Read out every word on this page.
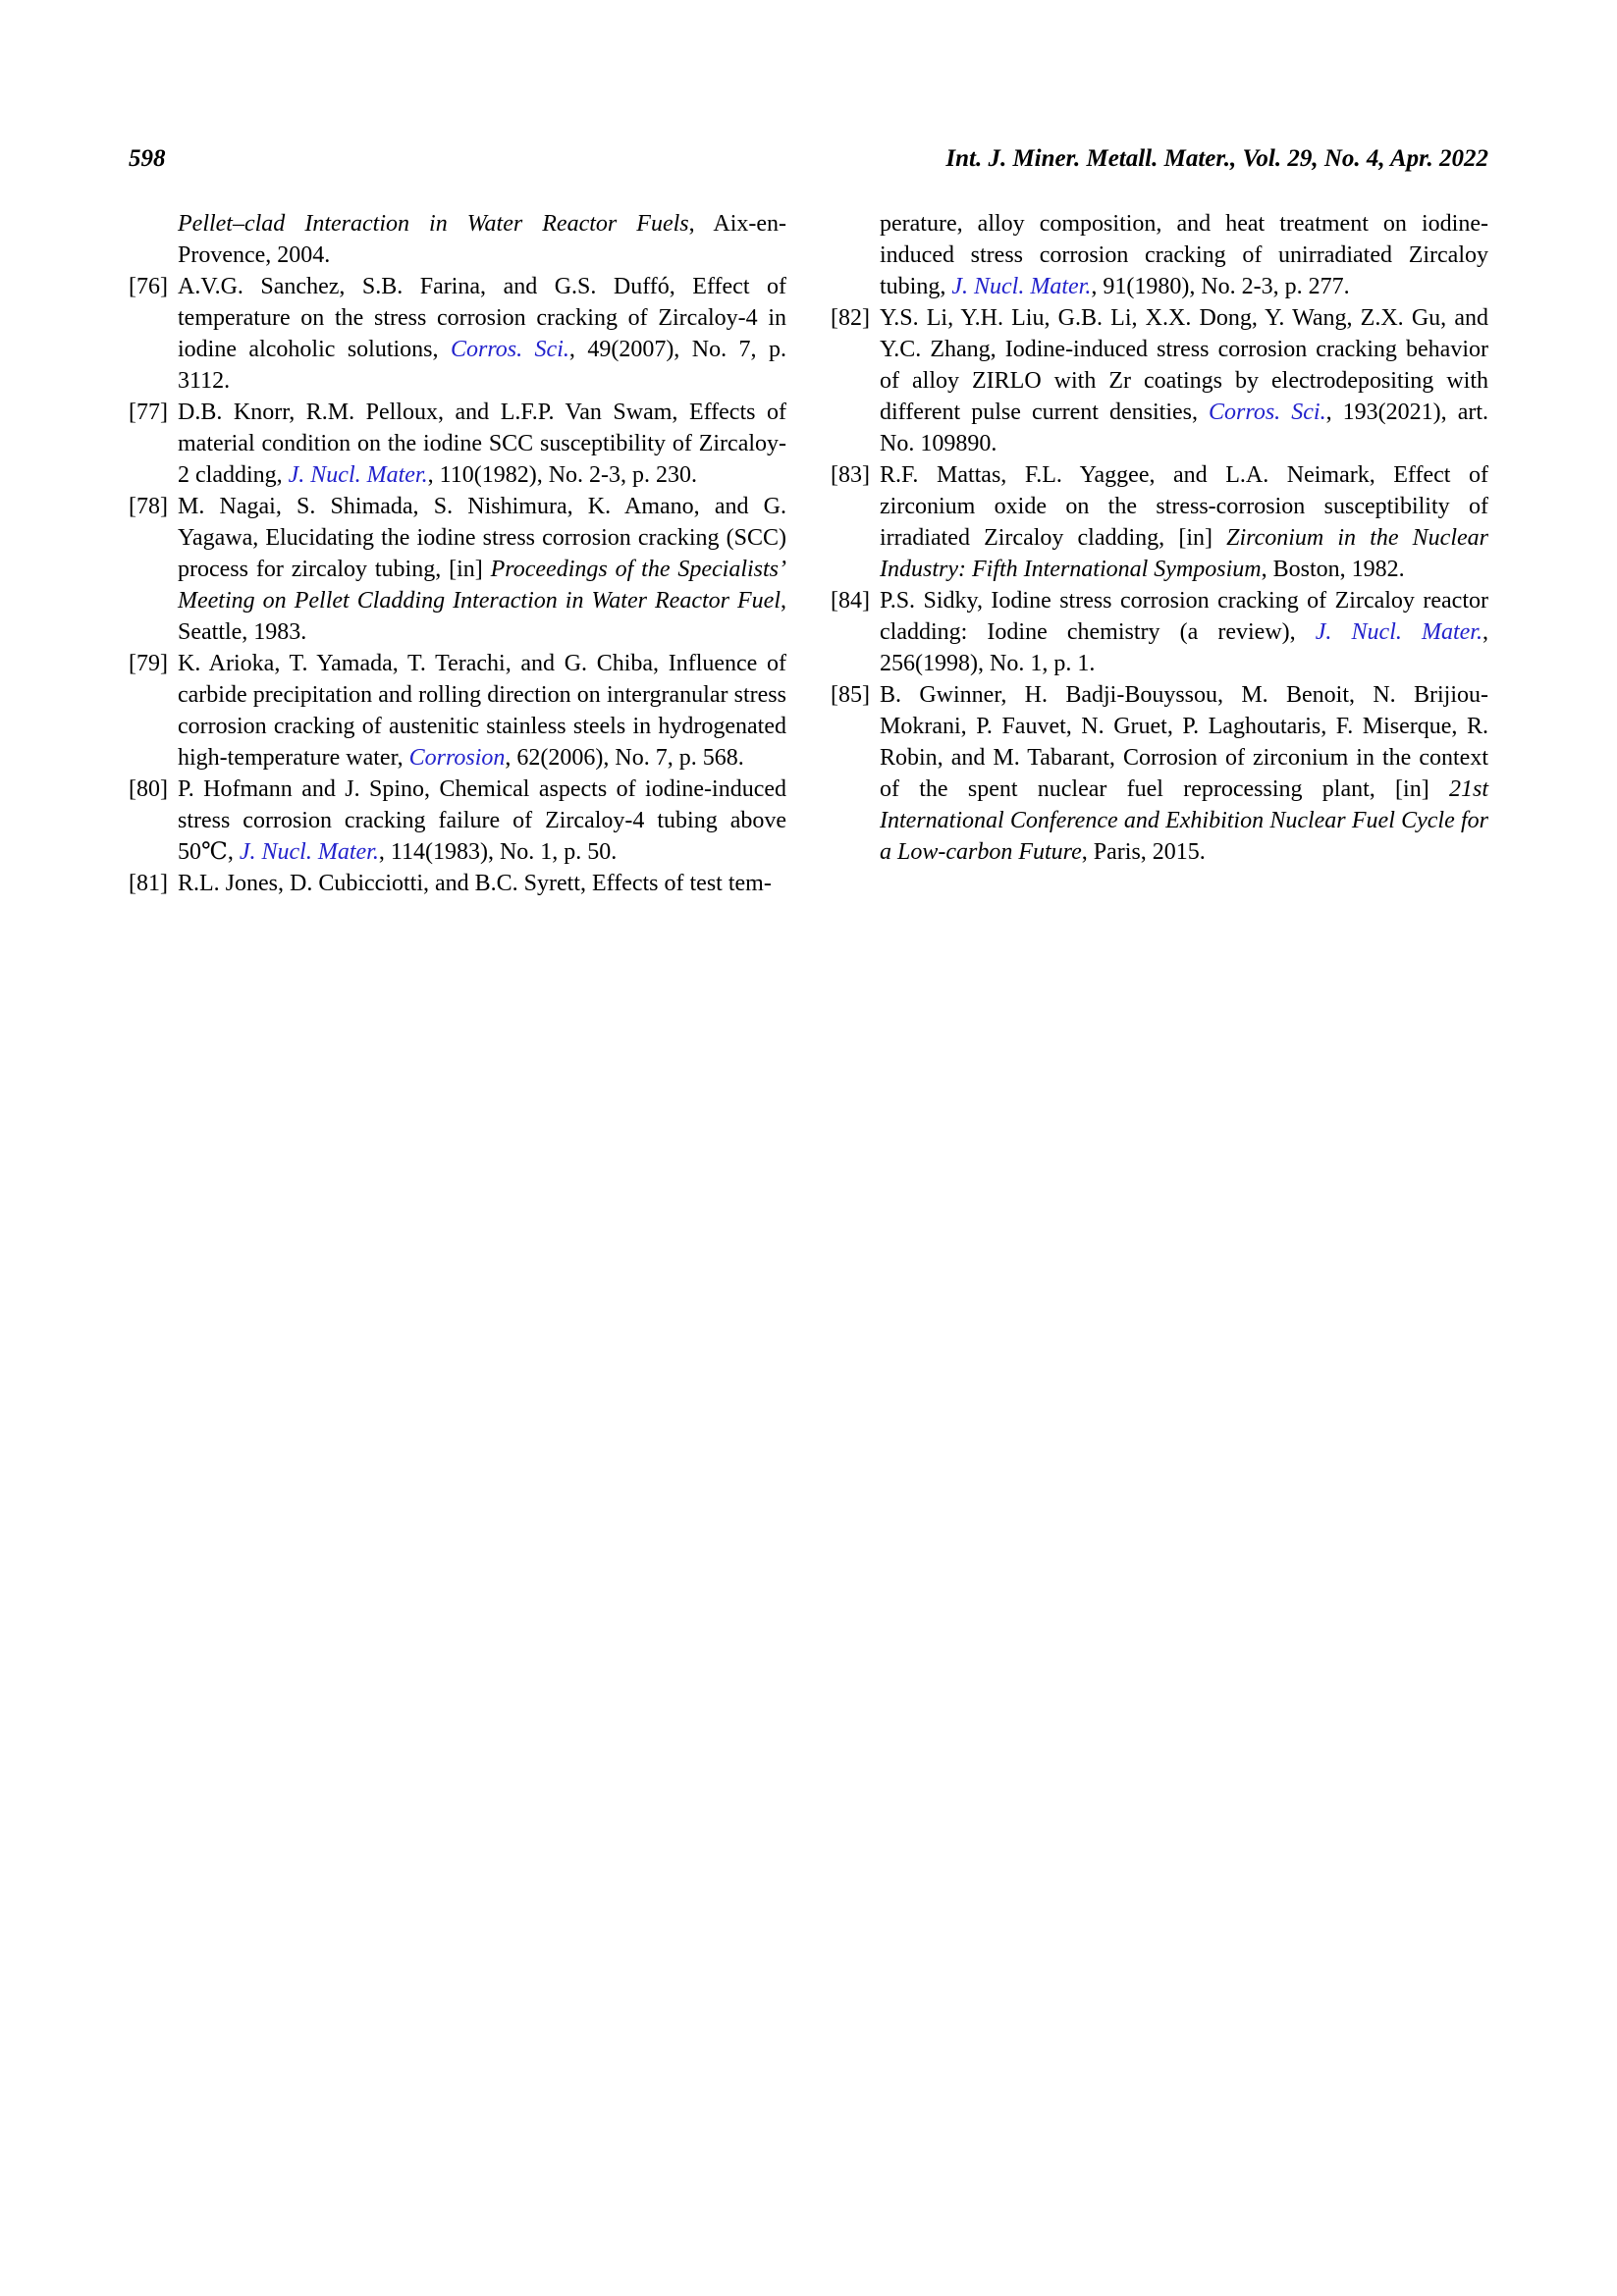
598	Int. J. Miner. Metall. Mater., Vol. 29, No. 4, Apr. 2022
Pellet–clad Interaction in Water Reactor Fuels, Aix-en-Provence, 2004.
[76] A.V.G. Sanchez, S.B. Farina, and G.S. Duffó, Effect of temperature on the stress corrosion cracking of Zircaloy-4 in iodine alcoholic solutions, Corros. Sci., 49(2007), No. 7, p. 3112.
[77] D.B. Knorr, R.M. Pelloux, and L.F.P. Van Swam, Effects of material condition on the iodine SCC susceptibility of Zircaloy-2 cladding, J. Nucl. Mater., 110(1982), No. 2-3, p. 230.
[78] M. Nagai, S. Shimada, S. Nishimura, K. Amano, and G. Yagawa, Elucidating the iodine stress corrosion cracking (SCC) process for zircaloy tubing, [in] Proceedings of the Specialists’ Meeting on Pellet Cladding Interaction in Water Reactor Fuel, Seattle, 1983.
[79] K. Arioka, T. Yamada, T. Terachi, and G. Chiba, Influence of carbide precipitation and rolling direction on intergranular stress corrosion cracking of austenitic stainless steels in hydrogenated high-temperature water, Corrosion, 62(2006), No. 7, p. 568.
[80] P. Hofmann and J. Spino, Chemical aspects of iodine-induced stress corrosion cracking failure of Zircaloy-4 tubing above 50℃, J. Nucl. Mater., 114(1983), No. 1, p. 50.
[81] R.L. Jones, D. Cubicciotti, and B.C. Syrett, Effects of test tem-
perature, alloy composition, and heat treatment on iodine-induced stress corrosion cracking of unirradiated Zircaloy tubing, J. Nucl. Mater., 91(1980), No. 2-3, p. 277.
[82] Y.S. Li, Y.H. Liu, G.B. Li, X.X. Dong, Y. Wang, Z.X. Gu, and Y.C. Zhang, Iodine-induced stress corrosion cracking behavior of alloy ZIRLO with Zr coatings by electrodepositing with different pulse current densities, Corros. Sci., 193(2021), art. No. 109890.
[83] R.F. Mattas, F.L. Yaggee, and L.A. Neimark, Effect of zirconium oxide on the stress-corrosion susceptibility of irradiated Zircaloy cladding, [in] Zirconium in the Nuclear Industry: Fifth International Symposium, Boston, 1982.
[84] P.S. Sidky, Iodine stress corrosion cracking of Zircaloy reactor cladding: Iodine chemistry (a review), J. Nucl. Mater., 256(1998), No. 1, p. 1.
[85] B. Gwinner, H. Badji-Bouyssou, M. Benoit, N. Brijiou-Mokrani, P. Fauvet, N. Gruet, P. Laghoutaris, F. Miserque, R. Robin, and M. Tabarant, Corrosion of zirconium in the context of the spent nuclear fuel reprocessing plant, [in] 21st International Conference and Exhibition Nuclear Fuel Cycle for a Low-carbon Future, Paris, 2015.
